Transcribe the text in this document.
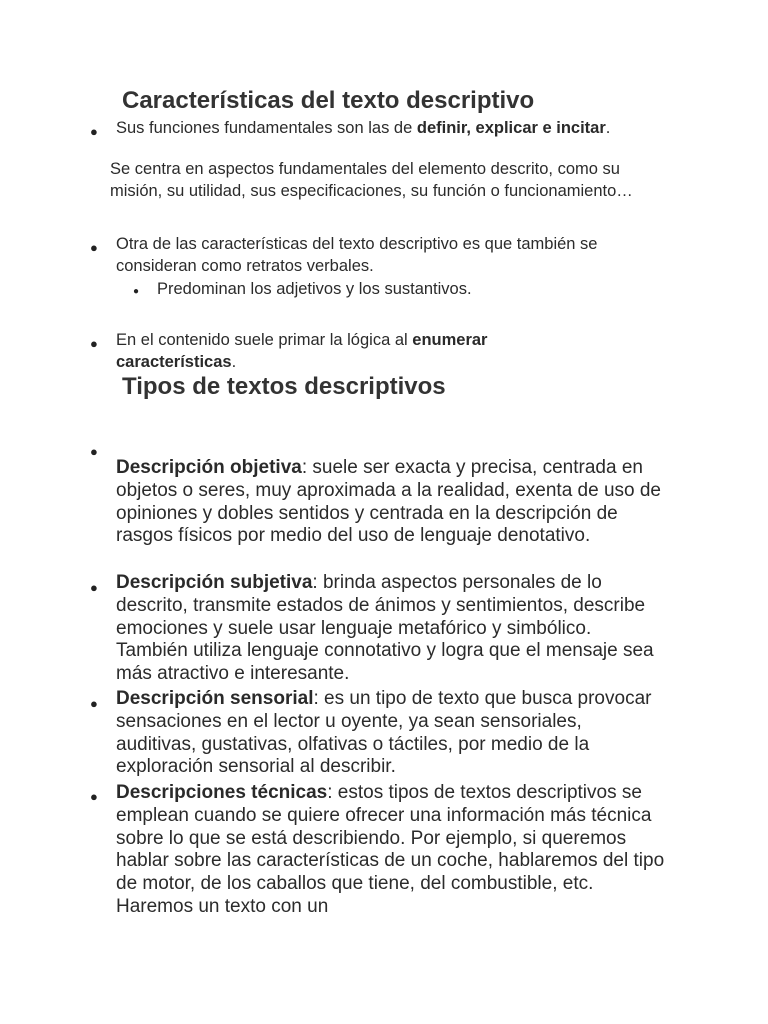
Características del texto descriptivo
● Sus funciones fundamentales son las de definir, explicar e incitar.
Se centra en aspectos fundamentales del elemento descrito, como su misión, su utilidad, sus especificaciones, su función o funcionamiento…
● Otra de las características del texto descriptivo es que también se consideran como retratos verbales.
● Predominan los adjetivos y los sustantivos.
● En el contenido suele primar la lógica al enumerar características.
Tipos de textos descriptivos
●
Descripción objetiva: suele ser exacta y precisa, centrada en objetos o seres, muy aproximada a la realidad, exenta de uso de opiniones y dobles sentidos y centrada en la descripción de rasgos físicos por medio del uso de lenguaje denotativo.
● Descripción subjetiva: brinda aspectos personales de lo descrito, transmite estados de ánimos y sentimientos, describe emociones y suele usar lenguaje metafórico y simbólico. También utiliza lenguaje connotativo y logra que el mensaje sea más atractivo e interesante.
● Descripción sensorial: es un tipo de texto que busca provocar sensaciones en el lector u oyente, ya sean sensoriales, auditivas, gustativas, olfativas o táctiles, por medio de la exploración sensorial al describir.
● Descripciones técnicas: estos tipos de textos descriptivos se emplean cuando se quiere ofrecer una información más técnica sobre lo que se está describiendo. Por ejemplo, si queremos hablar sobre las características de un coche, hablaremos del tipo de motor, de los caballos que tiene, del combustible, etc. Haremos un texto con un
